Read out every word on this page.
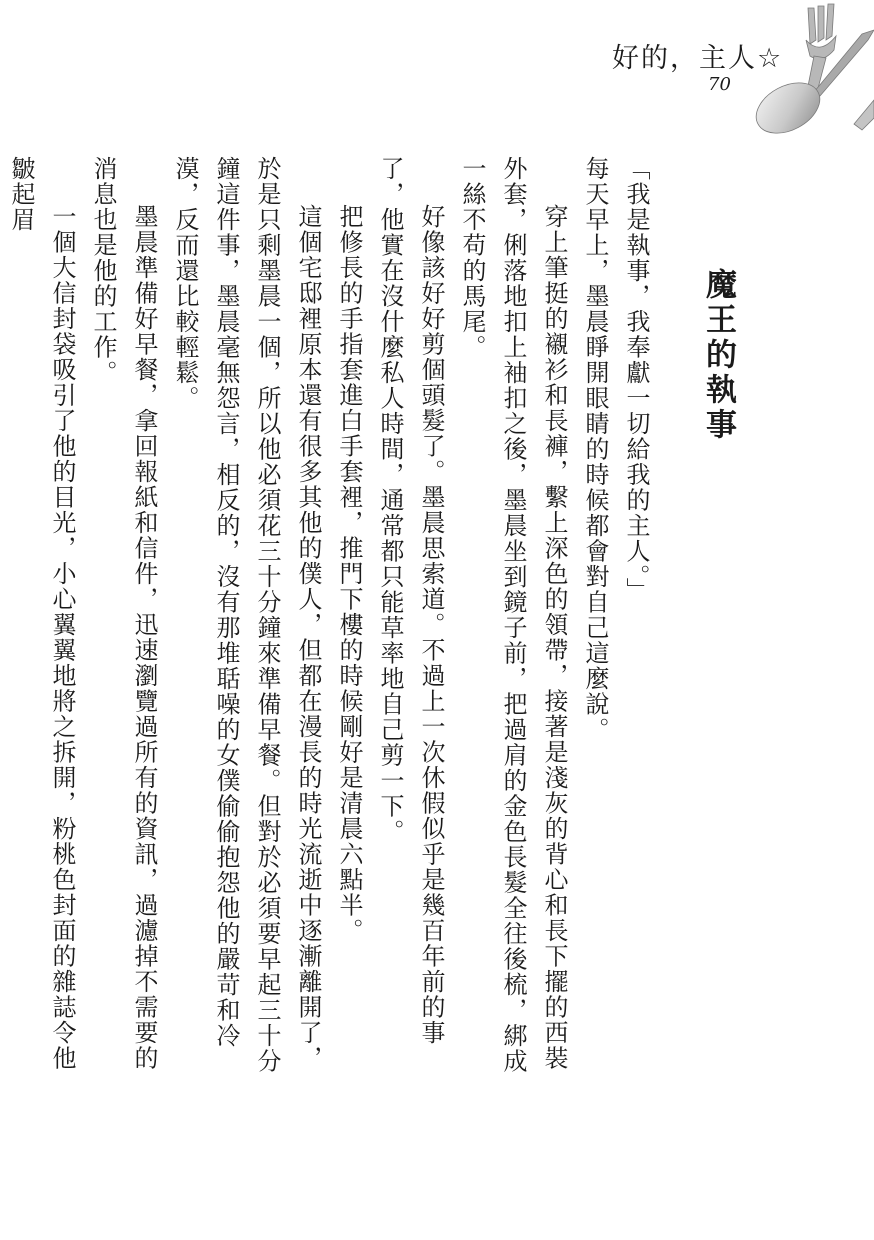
好的，主人☆
70
魔王的執事

「我是執事，我奉獻一切給我的主人。」

每天早上，墨晨睜開眼睛的時候都會對自己這麼說。

穿上筆挺的襯衫和長褲，繫上深色的領帶，接著是淺灰的背心和長下擺的西裝外套，俐落地扣上袖扣之後，墨晨坐到鏡子前，把過肩的金色長髮全往後梳，綁成一絲不苟的馬尾。

好像該好好剪個頭髮了。墨晨思索道。不過上一次休假似乎是幾百年前的事了，他實在沒什麼私人時間，通常都只能草率地自己剪一下。

把修長的手指套進白手套裡，推門下樓的時候剛好是清晨六點半。

這個宅邸裡原本還有很多其他的僕人，但都在漫長的時光流逝中逐漸離開了，於是只剩墨晨一個，所以他必須花三十分鐘來準備早餐。但對於必須要早起三十分鐘這件事，墨晨毫無怨言，相反的，沒有那堆聒噪的女僕偷偷抱怨他的嚴苛和冷漠，反而還比較輕鬆。

墨晨準備好早餐，拿回報紙和信件，迅速瀏覽過所有的資訊，過濾掉不需要的消息也是他的工作。

一個大信封袋吸引了他的目光，小心翼翼地將之拆開，粉桃色封面的雜誌令他皺起眉
